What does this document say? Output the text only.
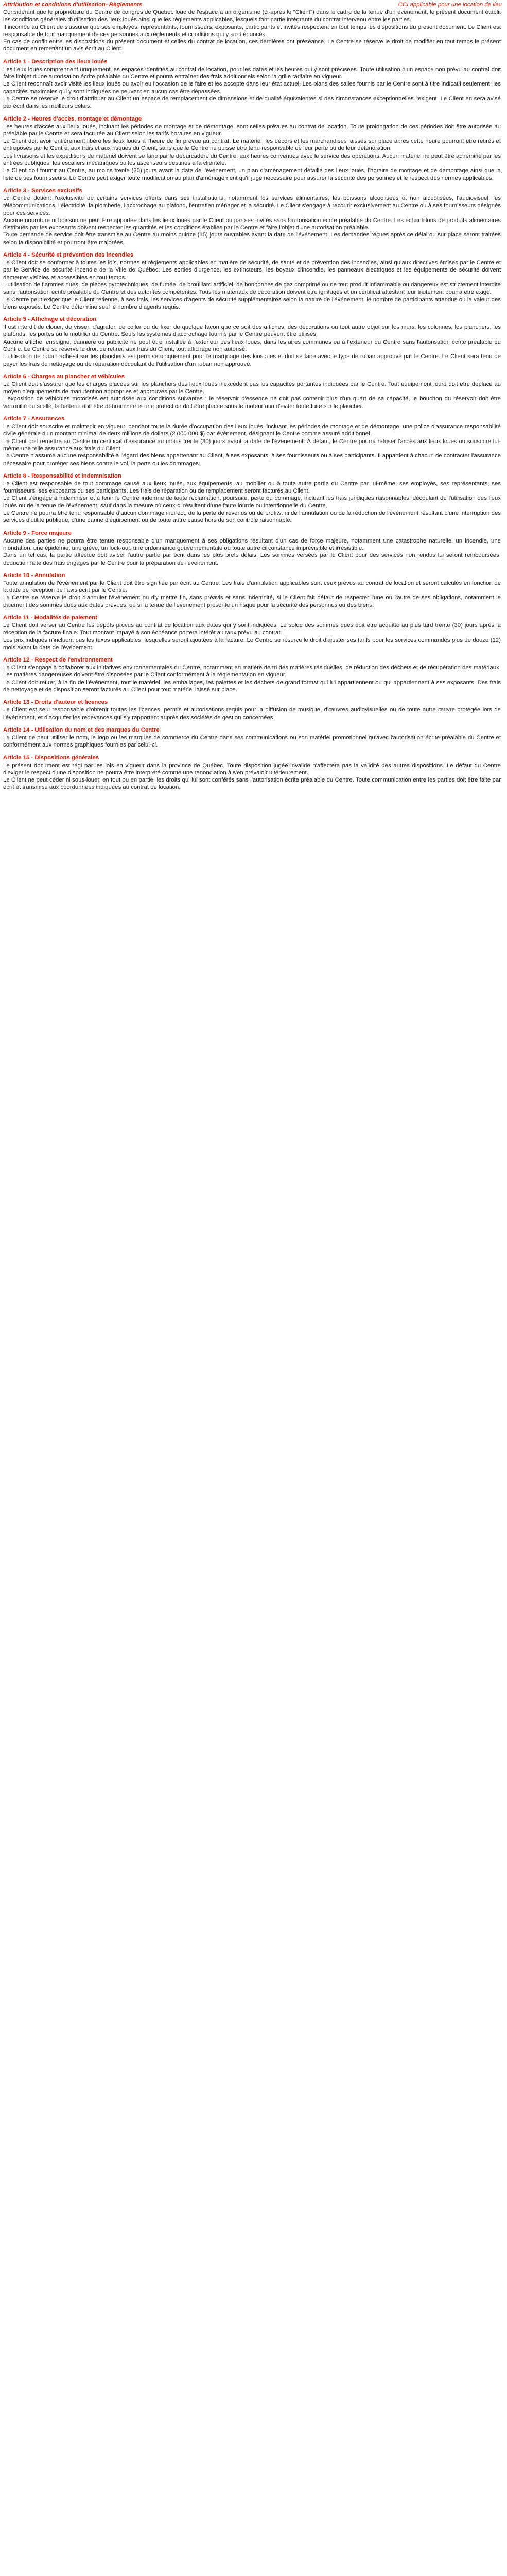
Attribution et conditions d'utilisation- Règlements	CCI applicable pour une location de lieu

Considérant que le propriétaire du Centre de congrès de Quebec loue de l'espace à un organisme (ci-après le "Client") dans le cadre de la tenue d'un événement, le présent document établit les conditions générales d'utilisation des lieux loués ainsi que les règlements applicables, lesquels font partie intégrante du contrat intervenu entre les parties.

Il incombe au Client de s'assurer que ses employés, représentants, fournisseurs, exposants, participants et invités respectent en tout temps les dispositions du présent document. Le Client est responsable de tout manquement de ces personnes aux règlements et conditions qui y sont énoncés.

En cas de conflit entre les dispositions du présent document et celles du contrat de location, ces dernières ont préséance. Le Centre se réserve le droit de modifier en tout temps le présent document en remettant un avis écrit au Client.

Article 1 - Description des lieux loués

Les lieux loués comprennent uniquement les espaces identifiés au contrat de location, pour les dates et les heures qui y sont précisées. Toute utilisation d'un espace non prévu au contrat doit faire l'objet d'une autorisation écrite préalable du Centre et pourra entraîner des frais additionnels selon la grille tarifaire en vigueur.

Le Client reconnaît avoir visité les lieux loués ou avoir eu l'occasion de le faire et les accepte dans leur état actuel. Les plans des salles fournis par le Centre sont à titre indicatif seulement; les capacités maximales qui y sont indiquées ne peuvent en aucun cas être dépassées.

Le Centre se réserve le droit d'attribuer au Client un espace de remplacement de dimensions et de qualité équivalentes si des circonstances exceptionnelles l'exigent. Le Client en sera avisé par écrit dans les meilleurs délais.

Article 2 - Heures d'accès, montage et démontage

Les heures d'accès aux lieux loués, incluant les périodes de montage et de démontage, sont celles prévues au contrat de location. Toute prolongation de ces périodes doit être autorisée au préalable par le Centre et sera facturée au Client selon les tarifs horaires en vigueur.

Le Client doit avoir entièrement libéré les lieux loués à l'heure de fin prévue au contrat. Le matériel, les décors et les marchandises laissés sur place après cette heure pourront être retirés et entreposés par le Centre, aux frais et aux risques du Client, sans que le Centre ne puisse être tenu responsable de leur perte ou de leur détérioration.

Les livraisons et les expéditions de matériel doivent se faire par le débarcadère du Centre, aux heures convenues avec le service des opérations. Aucun matériel ne peut être acheminé par les entrées publiques, les escaliers mécaniques ou les ascenseurs destinés à la clientèle.

Le Client doit fournir au Centre, au moins trente (30) jours avant la date de l'événement, un plan d'aménagement détaillé des lieux loués, l'horaire de montage et de démontage ainsi que la liste de ses fournisseurs. Le Centre peut exiger toute modification au plan d'aménagement qu'il juge nécessaire pour assurer la sécurité des personnes et le respect des normes applicables.

Article 3 - Services exclusifs

Le Centre détient l'exclusivité de certains services offerts dans ses installations, notamment les services alimentaires, les boissons alcoolisées et non alcoolisées, l'audiovisuel, les télécommunications, l'électricité, la plomberie, l'accrochage au plafond, l'entretien ménager et la sécurité. Le Client s'engage à recourir exclusivement au Centre ou à ses fournisseurs désignés pour ces services.

Aucune nourriture ni boisson ne peut être apportée dans les lieux loués par le Client ou par ses invités sans l'autorisation écrite préalable du Centre. Les échantillons de produits alimentaires distribués par les exposants doivent respecter les quantités et les conditions établies par le Centre et faire l'objet d'une autorisation préalable.

Toute demande de service doit être transmise au Centre au moins quinze (15) jours ouvrables avant la date de l'événement. Les demandes reçues après ce délai ou sur place seront traitées selon la disponibilité et pourront être majorées.

Article 4 - Sécurité et prévention des incendies

Le Client doit se conformer à toutes les lois, normes et règlements applicables en matière de sécurité, de santé et de prévention des incendies, ainsi qu'aux directives émises par le Centre et par le Service de sécurité incendie de la Ville de Québec. Les sorties d'urgence, les extincteurs, les boyaux d'incendie, les panneaux électriques et les équipements de sécurité doivent demeurer visibles et accessibles en tout temps.

L'utilisation de flammes nues, de pièces pyrotechniques, de fumée, de brouillard artificiel, de bonbonnes de gaz comprimé ou de tout produit inflammable ou dangereux est strictement interdite sans l'autorisation écrite préalable du Centre et des autorités compétentes. Tous les matériaux de décoration doivent être ignifugés et un certificat attestant leur traitement pourra être exigé.

Le Centre peut exiger que le Client retienne, à ses frais, les services d'agents de sécurité supplémentaires selon la nature de l'événement, le nombre de participants attendus ou la valeur des biens exposés. Le Centre détermine seul le nombre d'agents requis.

Article 5 - Affichage et décoration

Il est interdit de clouer, de visser, d'agrafer, de coller ou de fixer de quelque façon que ce soit des affiches, des décorations ou tout autre objet sur les murs, les colonnes, les planchers, les plafonds, les portes ou le mobilier du Centre. Seuls les systèmes d'accrochage fournis par le Centre peuvent être utilisés.

Aucune affiche, enseigne, bannière ou publicité ne peut être installée à l'extérieur des lieux loués, dans les aires communes ou à l'extérieur du Centre sans l'autorisation écrite préalable du Centre. Le Centre se réserve le droit de retirer, aux frais du Client, tout affichage non autorisé.

L'utilisation de ruban adhésif sur les planchers est permise uniquement pour le marquage des kiosques et doit se faire avec le type de ruban approuvé par le Centre. Le Client sera tenu de payer les frais de nettoyage ou de réparation découlant de l'utilisation d'un ruban non approuvé.

Article 6 - Charges au plancher et véhicules

Le Client doit s'assurer que les charges placées sur les planchers des lieux loués n'excèdent pas les capacités portantes indiquées par le Centre. Tout équipement lourd doit être déplacé au moyen d'équipements de manutention appropriés et approuvés par le Centre.

L'exposition de véhicules motorisés est autorisée aux conditions suivantes : le réservoir d'essence ne doit pas contenir plus d'un quart de sa capacité, le bouchon du réservoir doit être verrouillé ou scellé, la batterie doit être débranchée et une protection doit être placée sous le moteur afin d'éviter toute fuite sur le plancher.

Article 7 - Assurances

Le Client doit souscrire et maintenir en vigueur, pendant toute la durée d'occupation des lieux loués, incluant les périodes de montage et de démontage, une police d'assurance responsabilité civile générale d'un montant minimal de deux millions de dollars (2 000 000 $) par événement, désignant le Centre comme assuré additionnel.

Le Client doit remettre au Centre un certificat d'assurance au moins trente (30) jours avant la date de l'événement. À défaut, le Centre pourra refuser l'accès aux lieux loués ou souscrire lui-même une telle assurance aux frais du Client.

Le Centre n'assume aucune responsabilité à l'égard des biens appartenant au Client, à ses exposants, à ses fournisseurs ou à ses participants. Il appartient à chacun de contracter l'assurance nécessaire pour protéger ses biens contre le vol, la perte ou les dommages.

Article 8 - Responsabilité et indemnisation

Le Client est responsable de tout dommage causé aux lieux loués, aux équipements, au mobilier ou à toute autre partie du Centre par lui-même, ses employés, ses représentants, ses fournisseurs, ses exposants ou ses participants. Les frais de réparation ou de remplacement seront facturés au Client.

Le Client s'engage à indemniser et à tenir le Centre indemne de toute réclamation, poursuite, perte ou dommage, incluant les frais juridiques raisonnables, découlant de l'utilisation des lieux loués ou de la tenue de l'événement, sauf dans la mesure où ceux-ci résultent d'une faute lourde ou intentionnelle du Centre.

Le Centre ne pourra être tenu responsable d'aucun dommage indirect, de la perte de revenus ou de profits, ni de l'annulation ou de la réduction de l'événement résultant d'une interruption des services d'utilité publique, d'une panne d'équipement ou de toute autre cause hors de son contrôle raisonnable.

Article 9 - Force majeure

Aucune des parties ne pourra être tenue responsable d'un manquement à ses obligations résultant d'un cas de force majeure, notamment une catastrophe naturelle, un incendie, une inondation, une épidémie, une grève, un lock-out, une ordonnance gouvernementale ou toute autre circonstance imprévisible et irrésistible.

Dans un tel cas, la partie affectée doit aviser l'autre partie par écrit dans les plus brefs délais. Les sommes versées par le Client pour des services non rendus lui seront remboursées, déduction faite des frais engagés par le Centre pour la préparation de l'événement.

Article 10 - Annulation

Toute annulation de l'événement par le Client doit être signifiée par écrit au Centre. Les frais d'annulation applicables sont ceux prévus au contrat de location et seront calculés en fonction de la date de réception de l'avis écrit par le Centre.

Le Centre se réserve le droit d'annuler l'événement ou d'y mettre fin, sans préavis et sans indemnité, si le Client fait défaut de respecter l'une ou l'autre de ses obligations, notamment le paiement des sommes dues aux dates prévues, ou si la tenue de l'événement présente un risque pour la sécurité des personnes ou des biens.

Article 11 - Modalités de paiement

Le Client doit verser au Centre les dépôts prévus au contrat de location aux dates qui y sont indiquées. Le solde des sommes dues doit être acquitté au plus tard trente (30) jours après la réception de la facture finale. Tout montant impayé à son échéance portera intérêt au taux prévu au contrat.

Les prix indiqués n'incluent pas les taxes applicables, lesquelles seront ajoutées à la facture. Le Centre se réserve le droit d'ajuster ses tarifs pour les services commandés plus de douze (12) mois avant la date de l'événement.

Article 12 - Respect de l'environnement

Le Client s'engage à collaborer aux initiatives environnementales du Centre, notamment en matière de tri des matières résiduelles, de réduction des déchets et de récupération des matériaux. Les matières dangereuses doivent être disposées par le Client conformément à la réglementation en vigueur.

Le Client doit retirer, à la fin de l'événement, tout le matériel, les emballages, les palettes et les déchets de grand format qui lui appartiennent ou qui appartiennent à ses exposants. Des frais de nettoyage et de disposition seront facturés au Client pour tout matériel laissé sur place.

Article 13 - Droits d'auteur et licences

Le Client est seul responsable d'obtenir toutes les licences, permis et autorisations requis pour la diffusion de musique, d'œuvres audiovisuelles ou de toute autre œuvre protégée lors de l'événement, et d'acquitter les redevances qui s'y rapportent auprès des sociétés de gestion concernées.

Article 14 - Utilisation du nom et des marques du Centre

Le Client ne peut utiliser le nom, le logo ou les marques de commerce du Centre dans ses communications ou son matériel promotionnel qu'avec l'autorisation écrite préalable du Centre et conformément aux normes graphiques fournies par celui-ci.

Article 15 - Dispositions générales

Le présent document est régi par les lois en vigueur dans la province de Québec. Toute disposition jugée invalide n'affectera pas la validité des autres dispositions. Le défaut du Centre d'exiger le respect d'une disposition ne pourra être interprété comme une renonciation à s'en prévaloir ultérieurement.

Le Client ne peut céder ni sous-louer, en tout ou en partie, les droits qui lui sont conférés sans l'autorisation écrite préalable du Centre. Toute communication entre les parties doit être faite par écrit et transmise aux coordonnées indiquées au contrat de location.
